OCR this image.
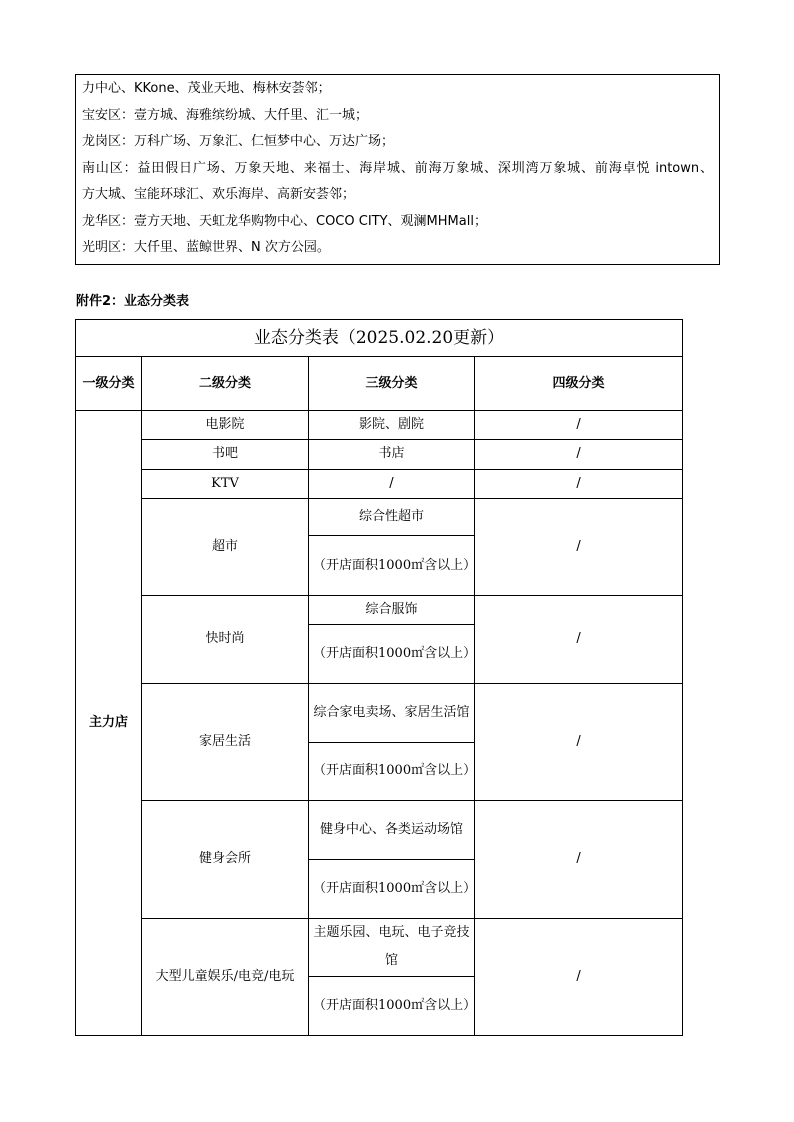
力中心、KKone、茂业天地、梅林安荟邻；
宝安区：壹方城、海雅缤纷城、大仟里、汇一城；
龙岗区：万科广场、万象汇、仁恒梦中心、万达广场；
南山区：益田假日广场、万象天地、来福士、海岸城、前海万象城、深圳湾万象城、前海卓悦 intown、
方大城、宝能环球汇、欢乐海岸、高新安荟邻；
龙华区：壹方天地、天虹龙华购物中心、COCO CITY、观澜MHMall；
光明区：大仟里、蓝鲸世界、N 次方公园。
附件2：业态分类表
业态分类表（2025.02.20更新）			
一级分类	二级分类	三级分类	四级分类
主力店	电影院	影院、剧院	/
	书吧	书店	/
	KTV	/	/
	超市	综合性超市	/
		（开店面积1000㎡含以上）	
	快时尚	综合服饰	/
		（开店面积1000㎡含以上）	
	家居生活	综合家电卖场、家居生活馆	/
		（开店面积1000㎡含以上）	
	健身会所	健身中心、各类运动场馆	/
		（开店面积1000㎡含以上）	
	大型儿童娱乐/电竞/电玩	主题乐园、电玩、电子竞技馆	/
		（开店面积1000㎡含以上）	
